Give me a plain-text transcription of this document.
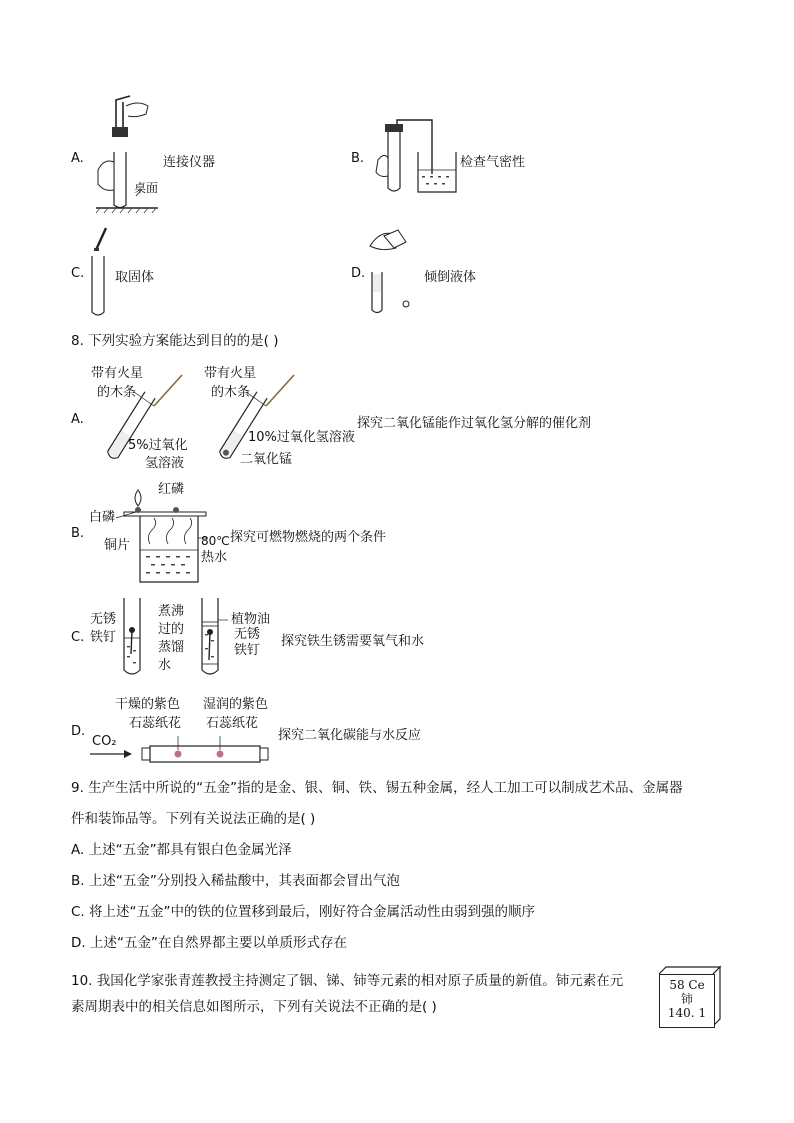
A.
桌面
连接仪器	B.	检查气密性
C. 取固体	D.	倾倒液体
8. 下列实验方案能达到目的的是( )
A.
带有火星
的木条
带有火星
的木条
5%过氧化
氢溶液
10%过氧化氢溶液
二氧化锰
探究二氧化锰能作过氧化氢分解的催化剂
B.
红磷
白磷
铜片	80℃
热水
探究可燃物燃烧的两个条件
C.
无锈
铁钉
煮沸
过的
蒸馏
水
植物油
无锈
铁钉
探究铁生锈需要氧气和水
D.
干燥的紫色
石蕊纸花
湿润的紫色
石蕊纸花
CO₂	探究二氧化碳能与水反应
9. 生产生活中所说的“五金”指的是金、银、铜、铁、锡五种金属，经人工加工可以制成艺术品、金属器
件和装饰品等。下列有关说法正确的是( )
A. 上述“五金”都具有银白色金属光泽
B. 上述“五金”分别投入稀盐酸中，其表面都会冒出气泡
C. 将上述“五金”中的铁的位置移到最后，刚好符合金属活动性由弱到强的顺序
D. 上述“五金”在自然界都主要以单质形式存在
10. 我国化学家张青莲教授主持测定了铟、锑、铈等元素的相对原子质量的新值。铈元素在元
素周期表中的相关信息如图所示，下列有关说法不正确的是( )
58 Ce
铈
140. 1
